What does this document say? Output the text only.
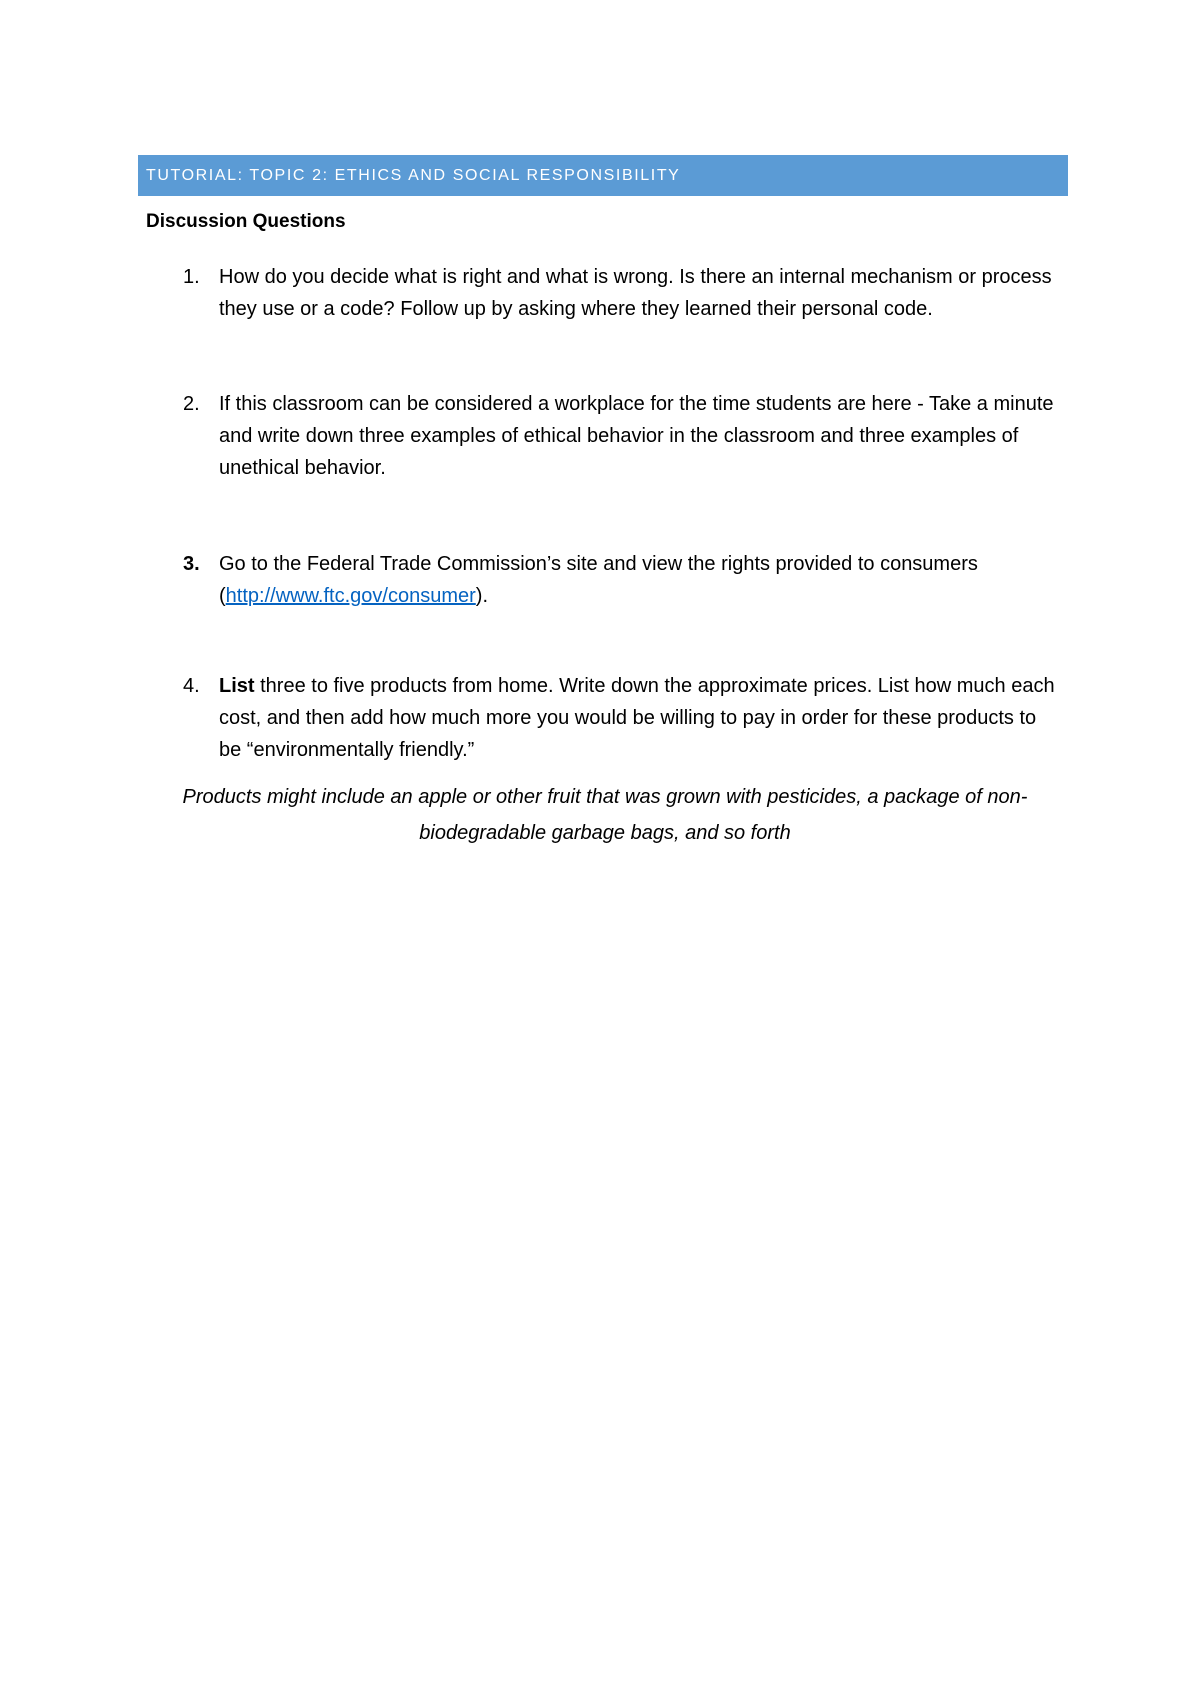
TUTORIAL: TOPIC 2: ETHICS AND SOCIAL RESPONSIBILITY
Discussion Questions
1. How do you decide what is right and what is wrong. Is there an internal mechanism or process they use or a code? Follow up by asking where they learned their personal code.
2. If this classroom can be considered a workplace for the time students are here - Take a minute and write down three examples of ethical behavior in the classroom and three examples of unethical behavior.
3. Go to the Federal Trade Commission’s site and view the rights provided to consumers (http://www.ftc.gov/consumer).
4. List three to five products from home. Write down the approximate prices. List how much each cost, and then add how much more you would be willing to pay in order for these products to be “environmentally friendly.”
Products might include an apple or other fruit that was grown with pesticides, a package of non-biodegradable garbage bags, and so forth
